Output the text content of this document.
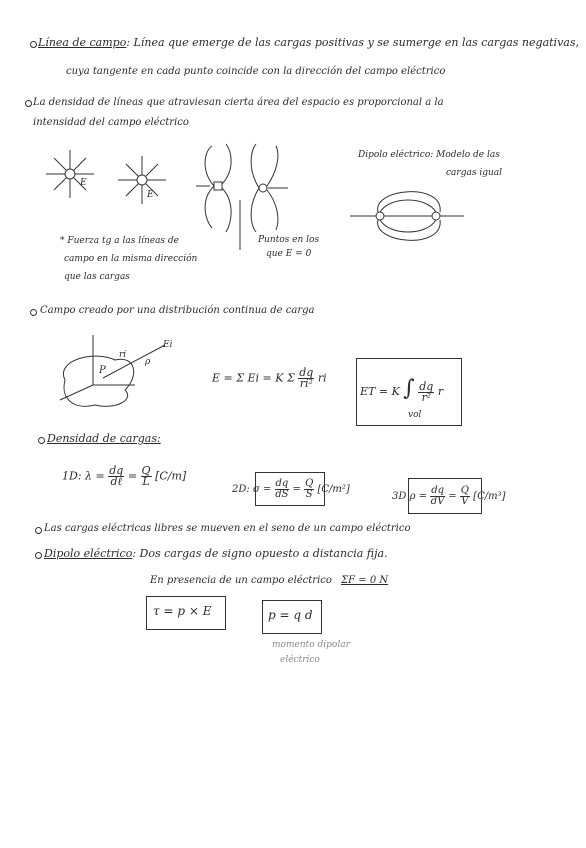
Línea de campo: Línea que emerge de las cargas positivas y se sumerge en las cargas negativas,
cuya tangente en cada punto coincide con la dirección del campo eléctrico
La densidad de líneas que atraviesan cierta área del espacio es proporcional a la
intensidad del campo eléctrico
E
E
Dipolo eléctrico: Modelo de las
cargas igual
Puntos en los
que E = 0
* Fuerza tg a las líneas de
campo en la misma dirección
que las cargas
Campo creado por una distribución continua de carga
Ei
ri
P
ρ
E = Σ Ei = K Σ $\frac{dq}{\text{ri²}}$ ri
ET = K ∫ $\frac{dq}{\text{r²}}$ r
vol
Densidad de cargas:
1D: $\lambda = \frac{dq}{\text{dℓ}} = \frac{Q}{L} [C/m]$
2D: $\sigma = \frac{dq}{dS} = \frac{Q}{S} [C/m^2]$
3D $\rho = \frac{dq}{dV} = \frac{Q}{V} [C/m^3]$
Las cargas eléctricas libres se mueven en el seno de un campo eléctrico
Dipolo eléctrico: Dos cargas de signo opuesto a distancia fija.
En presencia de un campo eléctrico ΣF = 0 N
τ = p × E	p = q d
momento dipolar
eléctrico
